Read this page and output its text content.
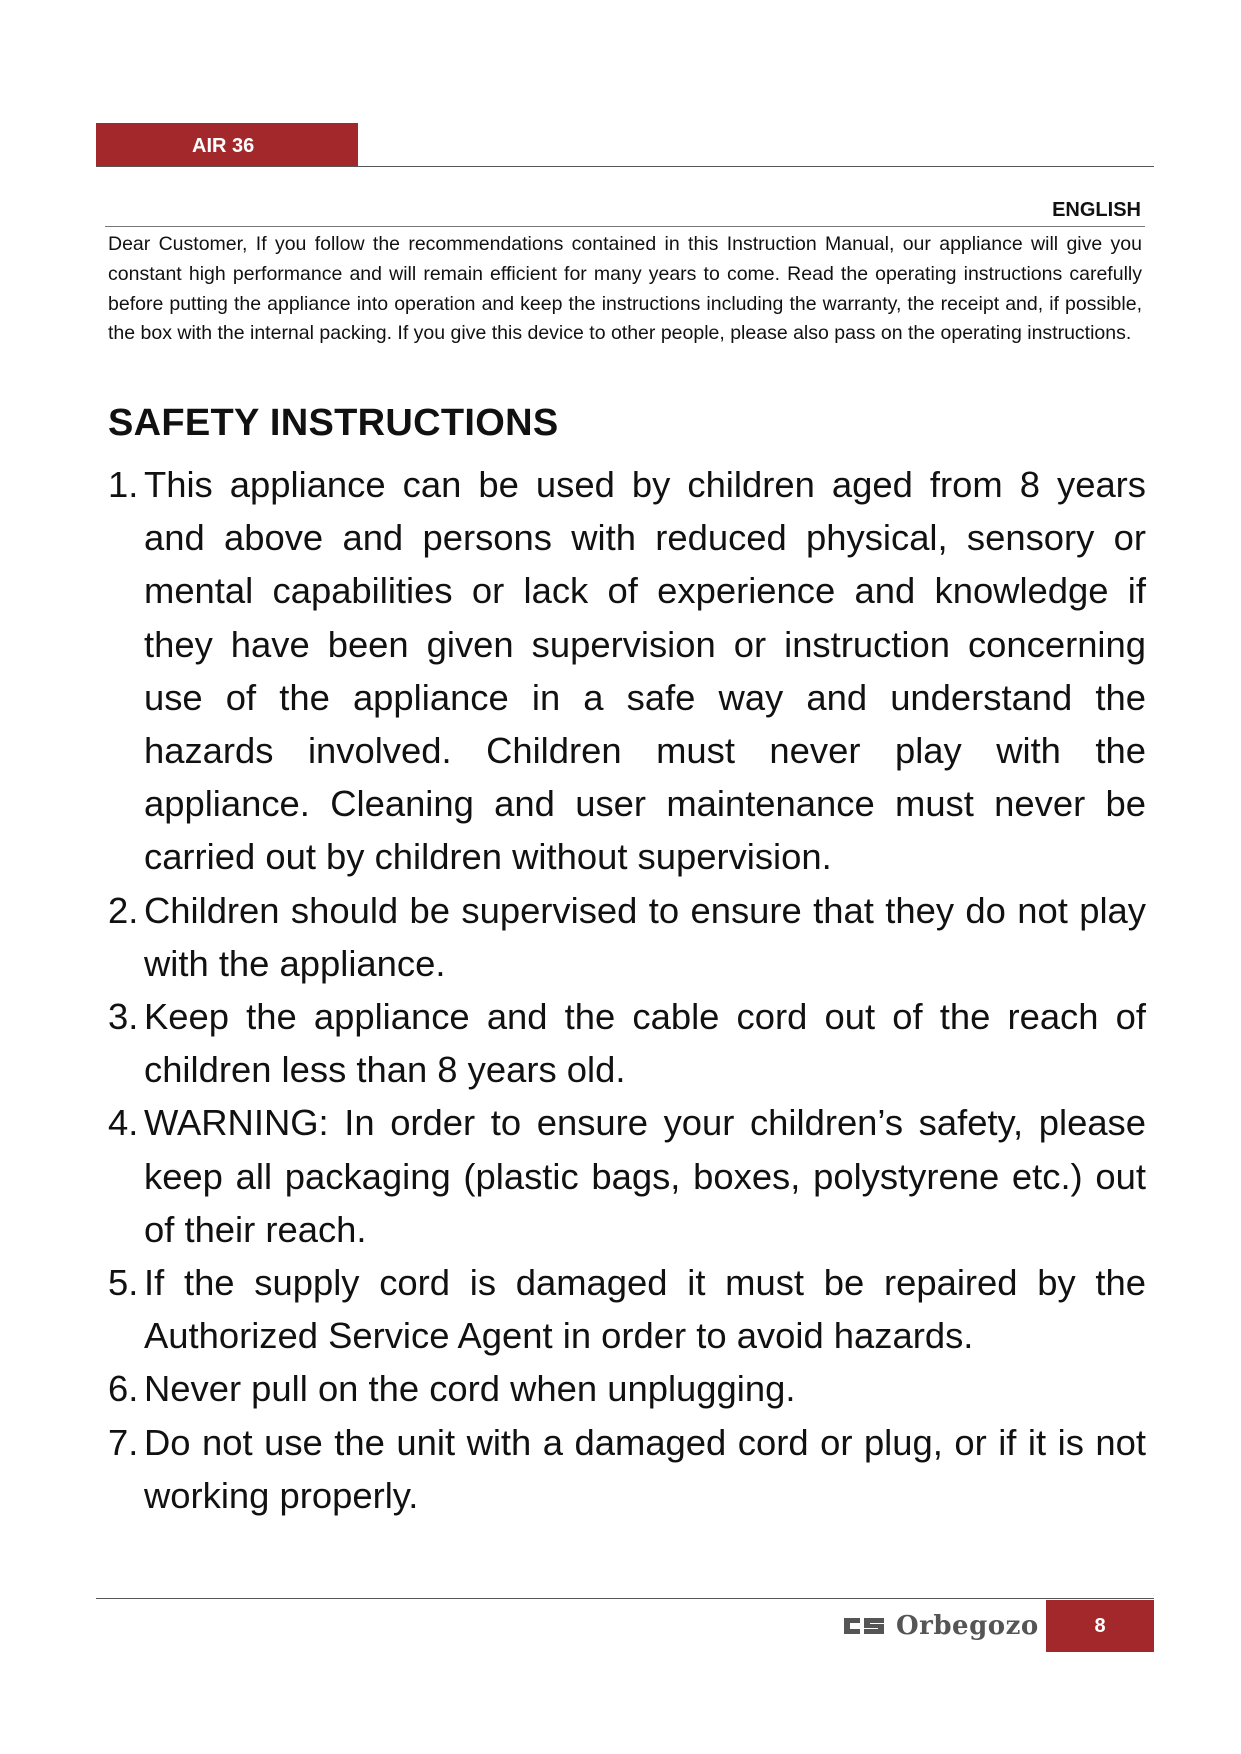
AIR 36
ENGLISH

Dear Customer, If you follow the recommendations contained in this Instruction Manual, our appliance will give you constant high performance and will remain efficient for many years to come. Read the operating instructions carefully before putting the appliance into operation and keep the instructions including the warranty, the receipt and, if possible, the box with the internal packing. If you give this device to other people, please also pass on the operating instructions.

SAFETY INSTRUCTIONS
1. This appliance can be used by children aged from 8 years and above and persons with reduced physical, sensory or mental capabilities or lack of experience and knowledge if they have been given supervision or instruction concerning use of the appliance in a safe way and understand the hazards involved. Children must never play with the appliance. Cleaning and user maintenance must never be carried out by children without supervision.
2. Children should be supervised to ensure that they do not play with the appliance.
3. Keep the appliance and the cable cord out of the reach of children less than 8 years old.
4. WARNING: In order to ensure your children’s safety, please keep all packaging (plastic bags, boxes, polystyrene etc.) out of their reach.
5. If the supply cord is damaged it must be repaired by the Authorized Service Agent in order to avoid hazards.
6. Never pull on the cord when unplugging.
7. Do not use the unit with a damaged cord or plug, or if it is not working properly.
Orbegozo	8
